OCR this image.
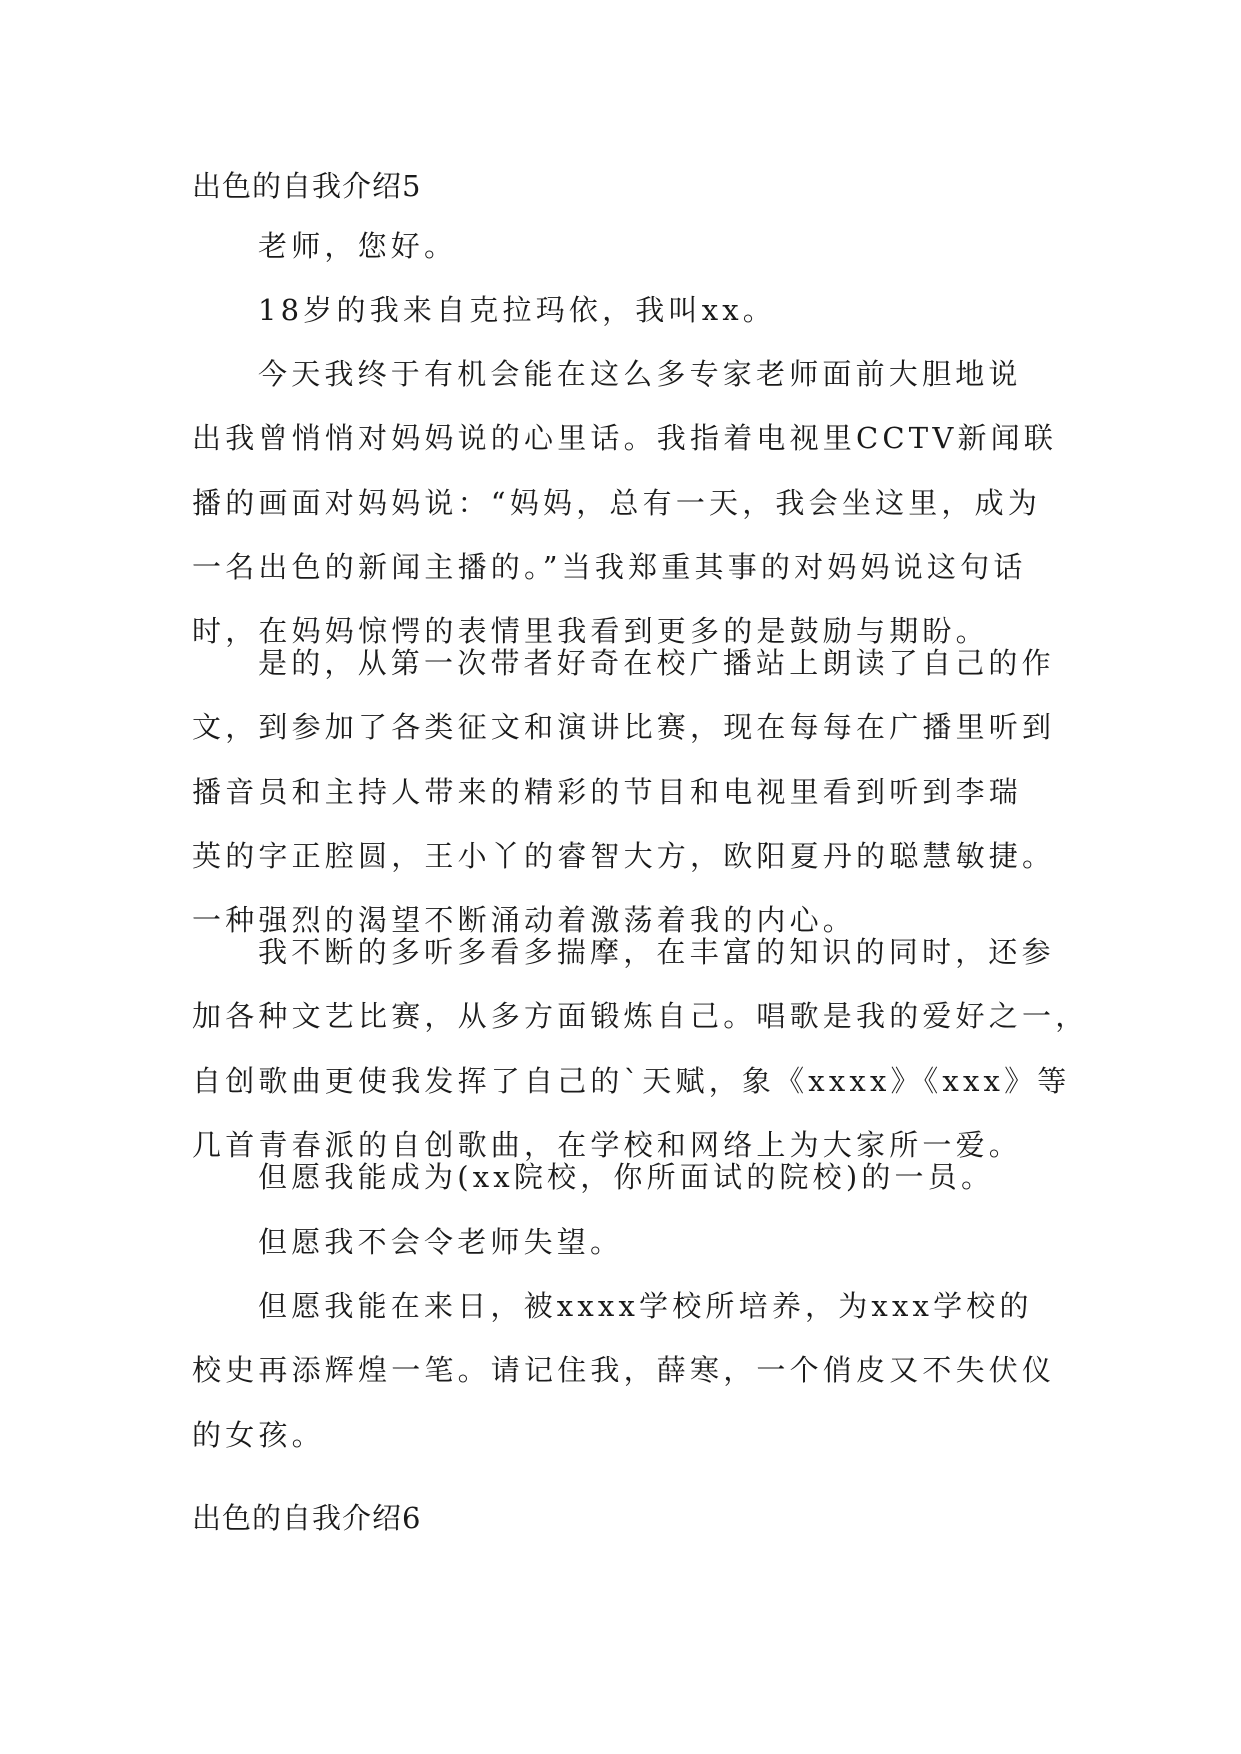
出色的自我介绍5

老师，您好。

18岁的我来自克拉玛依，我叫xx。

今天我终于有机会能在这么多专家老师面前大胆地说
出我曾悄悄对妈妈说的心里话。我指着电视里CCTV新闻联
播的画面对妈妈说：“妈妈，总有一天，我会坐这里，成为
一名出色的新闻主播的。”当我郑重其事的对妈妈说这句话
时，在妈妈惊愕的表情里我看到更多的是鼓励与期盼。

是的，从第一次带者好奇在校广播站上朗读了自己的作
文，到参加了各类征文和演讲比赛，现在每每在广播里听到
播音员和主持人带来的精彩的节目和电视里看到听到李瑞
英的字正腔圆，王小丫的睿智大方，欧阳夏丹的聪慧敏捷。
一种强烈的渴望不断涌动着激荡着我的内心。

我不断的多听多看多揣摩，在丰富的知识的同时，还参
加各种文艺比赛，从多方面锻炼自己。唱歌是我的爱好之一，
自创歌曲更使我发挥了自己的`天赋，象《xxxx》《xxx》等
几首青春派的自创歌曲，在学校和网络上为大家所一爱。

但愿我能成为(xx院校，你所面试的院校)的一员。

但愿我不会令老师失望。

但愿我能在来日，被xxxx学校所培养，为xxx学校的
校史再添辉煌一笔。请记住我，薛寒，一个俏皮又不失伏仪
的女孩。

出色的自我介绍6
